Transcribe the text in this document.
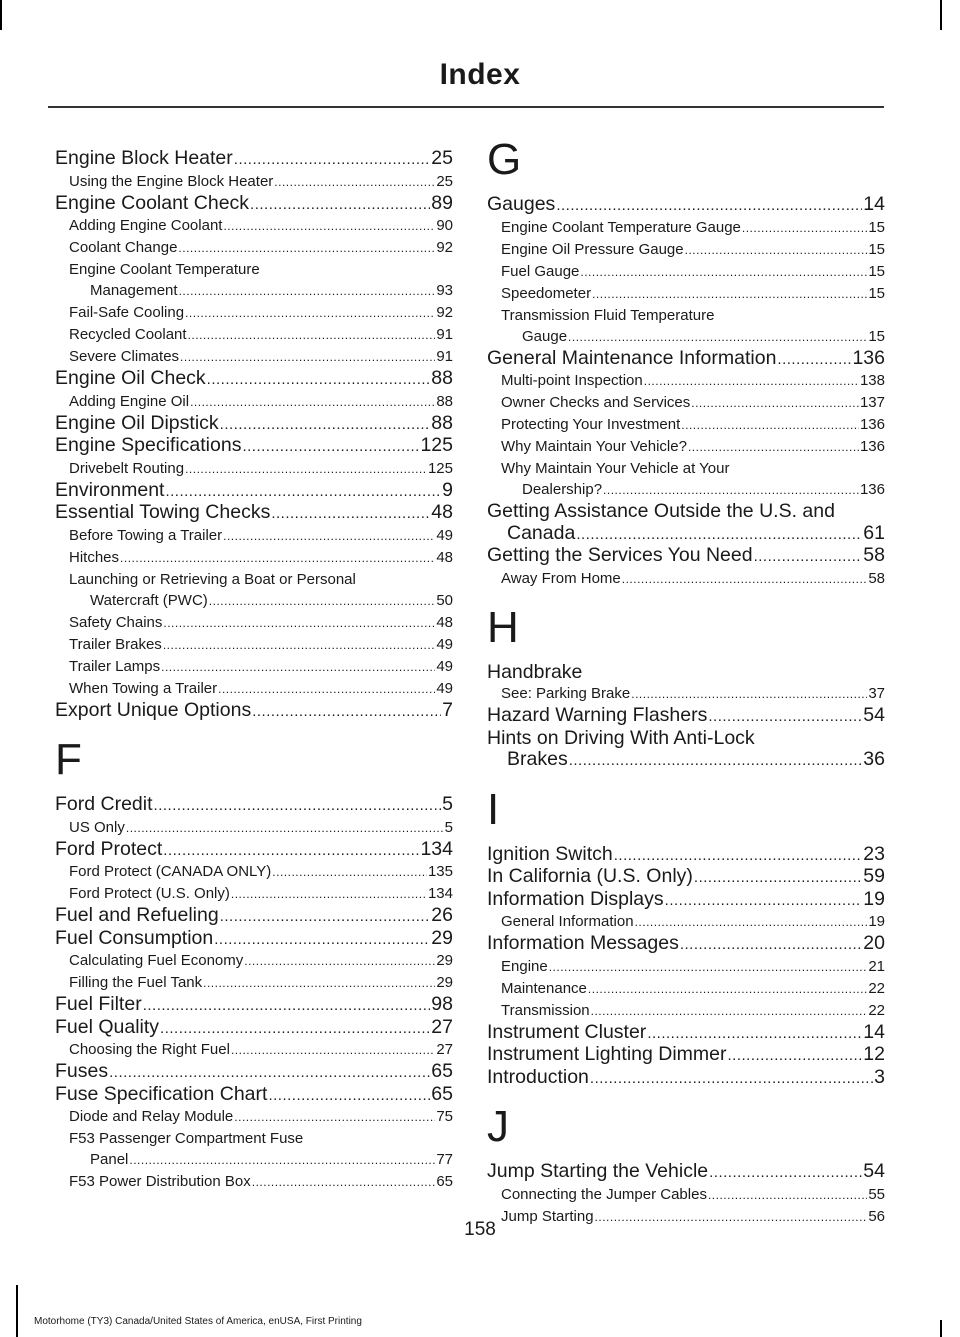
Index
Engine Block Heater .....	25
Using the Engine Block Heater .....	25
Engine Coolant Check .....	89
Adding Engine Coolant .....	90
Coolant Change .....	92
Engine Coolant Temperature
Management .....	93
Fail-Safe Cooling .....	92
Recycled Coolant .....	91
Severe Climates .....	91
Engine Oil Check .....	88
Adding Engine Oil .....	88
Engine Oil Dipstick .....	88
Engine Specifications .....	125
Drivebelt Routing .....	125
Environment .....	9
Essential Towing Checks .....	48
Before Towing a Trailer .....	49
Hitches .....	48
Launching or Retrieving a Boat or Personal
Watercraft (PWC) .....	50
Safety Chains .....	48
Trailer Brakes .....	49
Trailer Lamps .....	49
When Towing a Trailer .....	49
Export Unique Options .....	7
F
Ford Credit .....	5
US Only .....	5
Ford Protect .....	134
Ford Protect (CANADA ONLY) .....	135
Ford Protect (U.S. Only) .....	134
Fuel and Refueling .....	26
Fuel Consumption .....	29
Calculating Fuel Economy .....	29
Filling the Fuel Tank .....	29
Fuel Filter .....	98
Fuel Quality .....	27
Choosing the Right Fuel .....	27
Fuses .....	65
Fuse Specification Chart .....	65
Diode and Relay Module .....	75
F53 Passenger Compartment Fuse
Panel .....	77
F53 Power Distribution Box .....	65
G
Gauges .....	14
Engine Coolant Temperature Gauge .....	15
Engine Oil Pressure Gauge .....	15
Fuel Gauge .....	15
Speedometer .....	15
Transmission Fluid Temperature
Gauge .....	15
General Maintenance Information .....	136
Multi-point Inspection .....	138
Owner Checks and Services .....	137
Protecting Your Investment .....	136
Why Maintain Your Vehicle? .....	136
Why Maintain Your Vehicle at Your
Dealership? .....	136
Getting Assistance Outside the U.S. and
Canada .....	61
Getting the Services You Need .....	58
Away From Home .....	58
H
Handbrake
See: Parking Brake .....	37
Hazard Warning Flashers .....	54
Hints on Driving With Anti-Lock
Brakes .....	36
I
Ignition Switch .....	23
In California (U.S. Only) .....	59
Information Displays .....	19
General Information .....	19
Information Messages .....	20
Engine .....	21
Maintenance .....	22
Transmission .....	22
Instrument Cluster .....	14
Instrument Lighting Dimmer .....	12
Introduction .....	3
J
Jump Starting the Vehicle .....	54
Connecting the Jumper Cables .....	55
Jump Starting .....	56
158
Motorhome (TY3) Canada/United States of America, enUSA, First Printing
